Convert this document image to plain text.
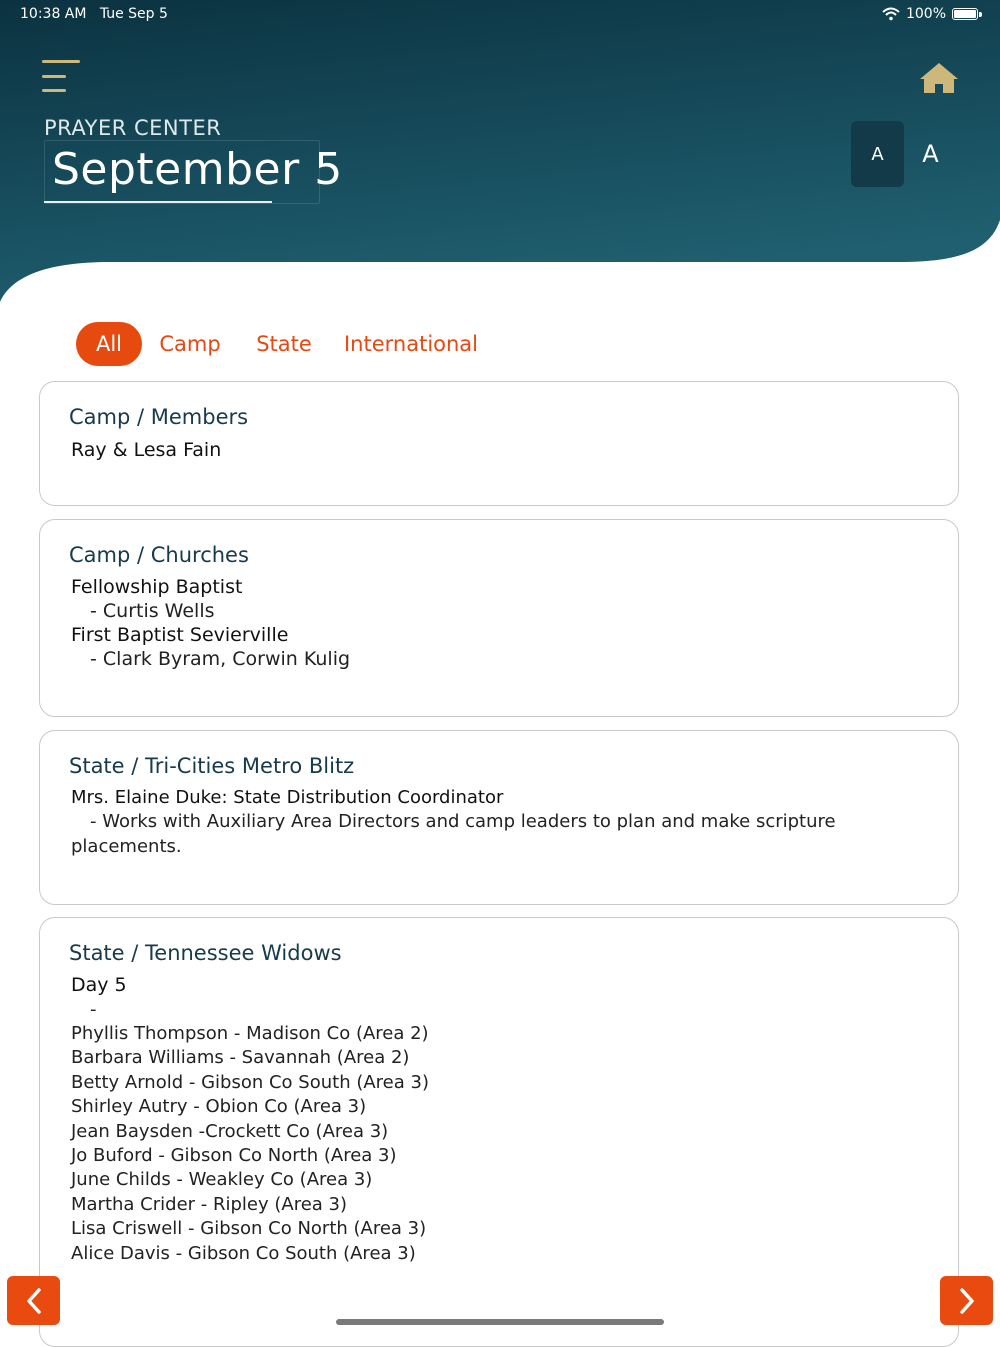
10:38 AM Tue Sep 5	100%
PRAYER CENTER
September 5	A	A
All	Camp State International
Camp / Members
Ray & Lesa Fain
Camp / Churches
Fellowship Baptist
- Curtis Wells
First Baptist Sevierville
- Clark Byram, Corwin Kulig
State / Tri-Cities Metro Blitz
Mrs. Elaine Duke: State Distribution Coordinator
- Works with Auxiliary Area Directors and camp leaders to plan and make scripture
placements.
State / Tennessee Widows
Day 5
-
Phyllis Thompson - Madison Co (Area 2)
Barbara Williams - Savannah (Area 2)
Betty Arnold - Gibson Co South (Area 3)
Shirley Autry - Obion Co (Area 3)
Jean Baysden -Crockett Co (Area 3)
Jo Buford - Gibson Co North (Area 3)
June Childs - Weakley Co (Area 3)
Martha Crider - Ripley (Area 3)
Lisa Criswell - Gibson Co North (Area 3)
Alice Davis - Gibson Co South (Area 3)
